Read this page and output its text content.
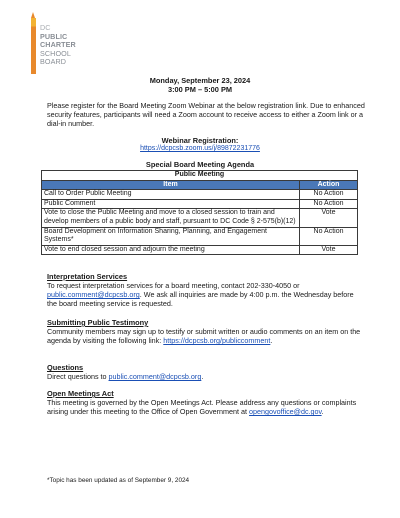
DC
PUBLIC
CHARTER
SCHOOL
BOARD
Monday, September 23, 2024
3:00 PM – 5:00 PM
Please register for the Board Meeting Zoom Webinar at the below registration link. Due to enhanced security features, participants will need a Zoom account to receive access to either a Zoom link or a dial-in number.
Webinar Registration:
https://dcpcsb.zoom.us/j/89872231776
Special Board Meeting Agenda
Public Meeting	
Item	Action
Call to Order Public Meeting	No Action
Public Comment	No Action
Vote to close the Public Meeting and move to a closed session to train and develop members of a public body and staff, pursuant to DC Code § 2-575(b)(12)	Vote
Board Development on Information Sharing, Planning, and Engagement Systems*	No Action
Vote to end closed session and adjourn the meeting	Vote
Interpretation Services
To request interpretation services for a board meeting, contact 202-330-4050 or public.comment@dcpcsb.org. We ask all inquiries are made by 4:00 p.m. the Wednesday before the board meeting service is requested.
Submitting Public Testimony
Community members may sign up to testify or submit written or audio comments on an item on the agenda by visiting the following link: https://dcpcsb.org/publiccomment.
Questions
Direct questions to public.comment@dcpcsb.org.
Open Meetings Act
This meeting is governed by the Open Meetings Act. Please address any questions or complaints arising under this meeting to the Office of Open Government at opengovoffice@dc.gov.
*Topic has been updated as of September 9, 2024
